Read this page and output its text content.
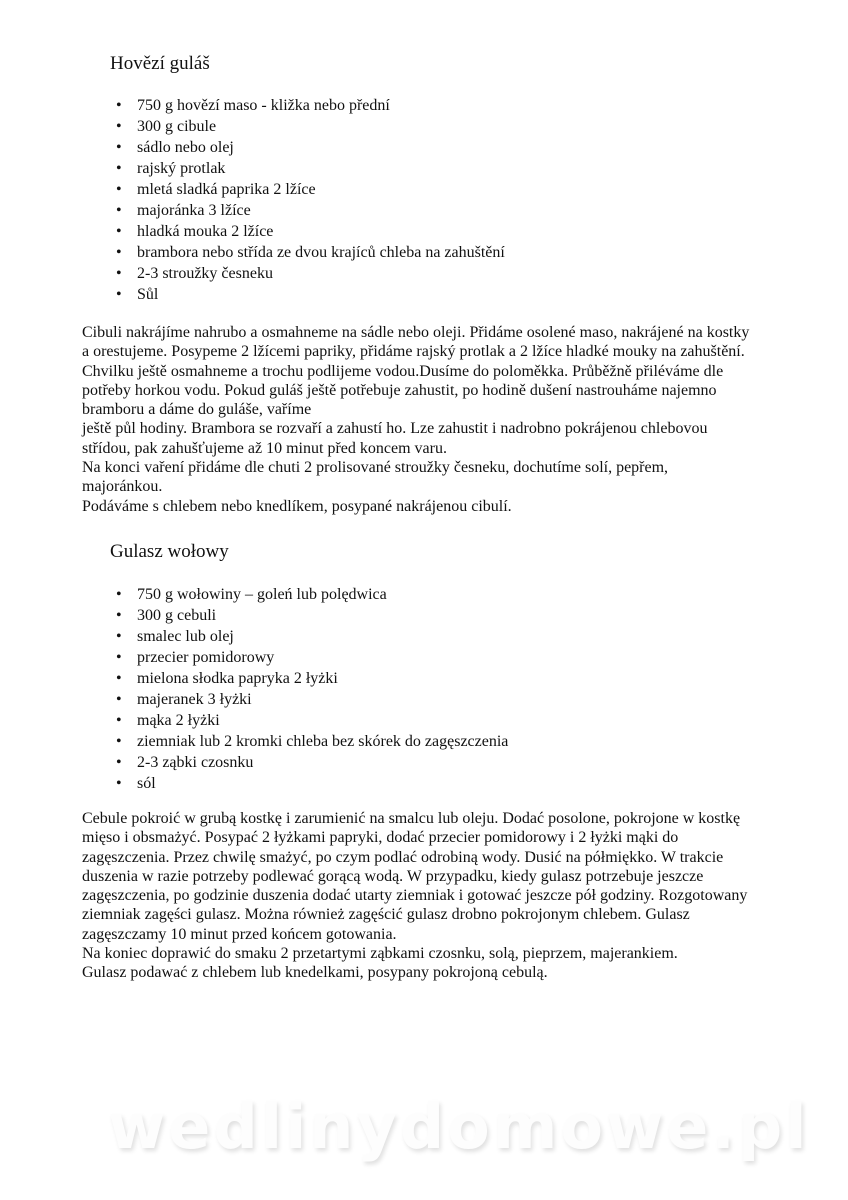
Hovězí guláš
• 750 g hovězí maso - kližka nebo přední
• 300 g cibule
• sádlo nebo olej
• rajský protlak
• mletá sladká paprika 2 lžíce
• majoránka 3 lžíce
• hladká mouka 2 lžíce
• brambora nebo střída ze dvou krajíců chleba na zahuštění
• 2-3 stroužky česneku
• Sůl
Cibuli nakrájíme nahrubo a osmahneme na sádle nebo oleji. Přidáme osolené maso, nakrájené na kostky
a orestujeme. Posypeme 2 lžícemi papriky, přidáme rajský protlak a 2 lžíce hladké mouky na zahuštění.
Chvilku ještě osmahneme a trochu podlijeme vodou.Dusíme do poloměkka. Průběžně přiléváme dle
potřeby horkou vodu. Pokud guláš ještě potřebuje zahustit, po hodině dušení nastrouháme najemno
bramboru a dáme do guláše, vaříme
ještě půl hodiny. Brambora se rozvaří a zahustí ho. Lze zahustit i nadrobno pokrájenou chlebovou
střídou, pak zahušťujeme až 10 minut před koncem varu.
Na konci vaření přidáme dle chuti 2 prolisované stroužky česneku, dochutíme solí, pepřem,
majoránkou.
Podáváme s chlebem nebo knedlíkem, posypané nakrájenou cibulí.
Gulasz wołowy
• 750 g wołowiny – goleń lub polędwica
• 300 g cebuli
• smalec lub olej
• przecier pomidorowy
• mielona słodka papryka 2 łyżki
• majeranek 3 łyżki
• mąka 2 łyżki
• ziemniak lub 2 kromki chleba bez skórek do zagęszczenia
• 2-3 ząbki czosnku
• sól
Cebule pokroić w grubą kostkę i zarumienić na smalcu lub oleju. Dodać posolone, pokrojone w kostkę
mięso i obsmażyć. Posypać 2 łyżkami papryki, dodać przecier pomidorowy i 2 łyżki mąki do
zagęszczenia. Przez chwilę smażyć, po czym podlać odrobiną wody. Dusić na półmiękko. W trakcie
duszenia w razie potrzeby podlewać gorącą wodą. W przypadku, kiedy gulasz potrzebuje jeszcze
zagęszczenia, po godzinie duszenia dodać utarty ziemniak i gotować jeszcze pół godziny. Rozgotowany
ziemniak zagęści gulasz. Można również zagęścić gulasz drobno pokrojonym chlebem. Gulasz
zagęszczamy 10 minut przed końcem gotowania.
Na koniec doprawić do smaku 2 przetartymi ząbkami czosnku, solą, pieprzem, majerankiem.
Gulasz podawać z chlebem lub knedelkami, posypany pokrojoną cebulą.
wedlinydomowe.pl
